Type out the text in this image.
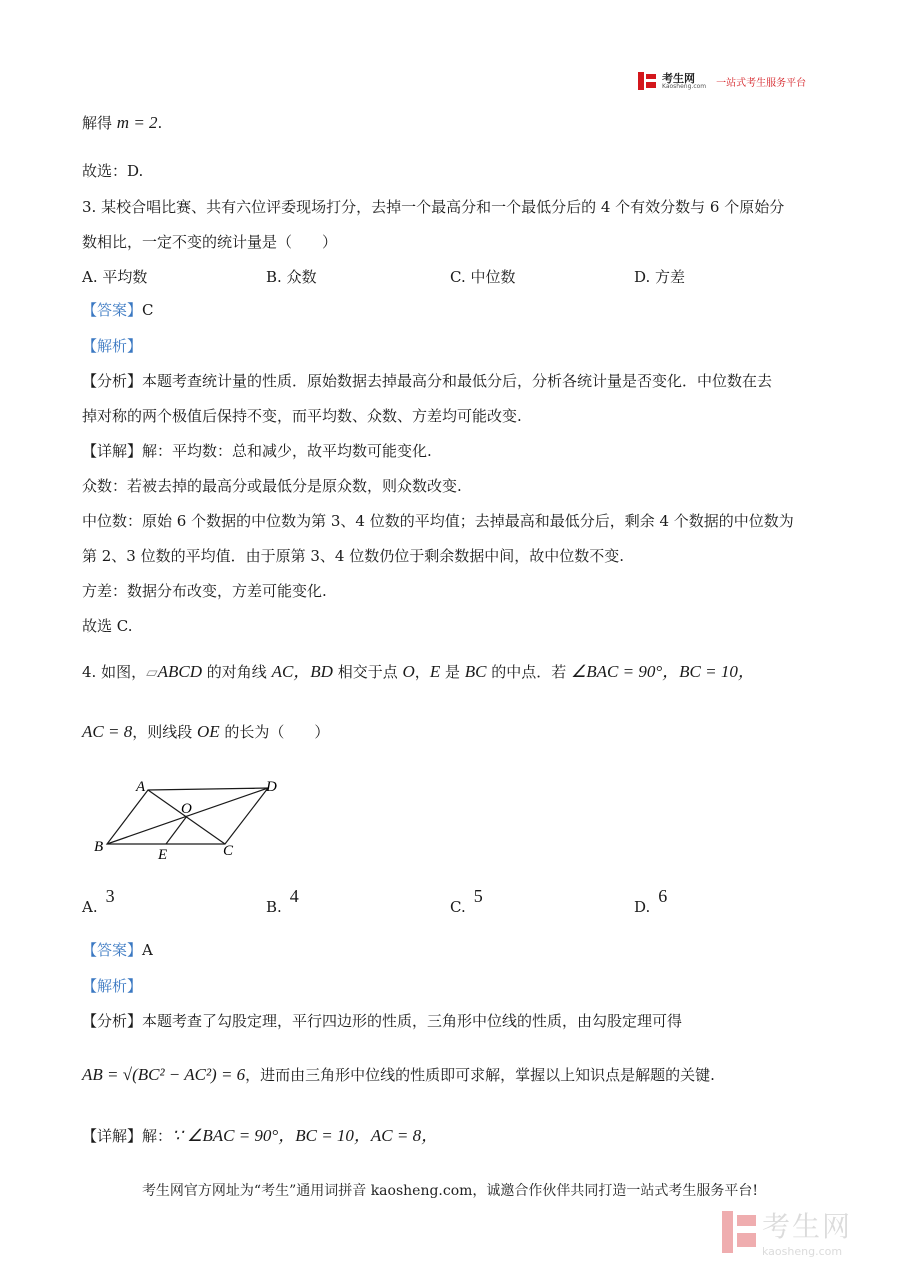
考生网
Kaosheng.com 一站式考生服务平台
解得 m = 2.
故选：D.
3. 某校合唱比赛、共有六位评委现场打分，去掉一个最高分和一个最低分后的 4 个有效分数与 6 个原始分
数相比，一定不变的统计量是（　　）
A. 平均数	B. 众数	C. 中位数	D. 方差
【答案】C
【解析】
【分析】本题考查统计量的性质．原始数据去掉最高分和最低分后，分析各统计量是否变化．中位数在去
掉对称的两个极值后保持不变，而平均数、众数、方差均可能改变.
【详解】解：平均数：总和减少，故平均数可能变化.
众数：若被去掉的最高分或最低分是原众数，则众数改变.
中位数：原始 6 个数据的中位数为第 3、4 位数的平均值；去掉最高和最低分后，剩余 4 个数据的中位数为
第 2、3 位数的平均值．由于原第 3、4 位数仍位于剩余数据中间，故中位数不变.
方差：数据分布改变，方差可能变化.
故选 C.
4. 如图，▱ABCD 的对角线 AC，BD 相交于点 O，E 是 BC 的中点．若 ∠BAC = 90°，BC = 10，
AC = 8，则线段 OE 的长为（　　）
A	D
O
B	E	C
A.3
B.4
C.5
D.6
【答案】A
【解析】
【分析】本题考查了勾股定理，平行四边形的性质，三角形中位线的性质，由勾股定理可得
AB = √(BC² − AC²) = 6，进而由三角形中位线的性质即可求解，掌握以上知识点是解题的关键.
【详解】解：∵ ∠BAC = 90°，BC = 10，AC = 8，
考生网官方网址为“考生”通用词拼音 kaosheng.com，诚邀合作伙伴共同打造一站式考生服务平台!
考生网
kaosheng.com
